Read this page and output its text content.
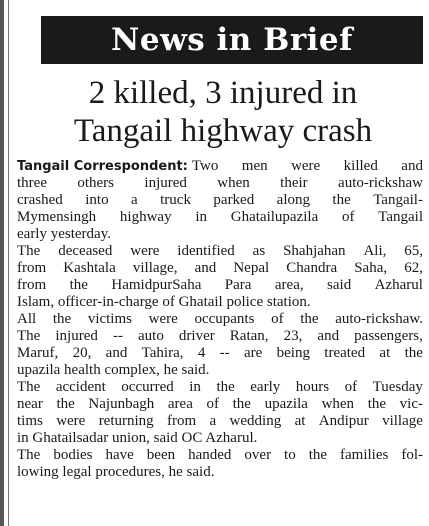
News in Brief
2 killed, 3 injured in
Tangail highway crash
Tangail Correspondent: Two men were killed and
three others injured when their auto-rickshaw
crashed into a truck parked along the Tangail-
Mymensingh highway in Ghatailupazila of Tangail
early yesterday.
The deceased were identified as Shahjahan Ali, 65,
from Kashtala village, and Nepal Chandra Saha, 62,
from the HamidpurSaha Para area, said Azharul
Islam, officer-in-charge of Ghatail police station.
All the victims were occupants of the auto-rickshaw.
The injured -- auto driver Ratan, 23, and passengers,
Maruf, 20, and Tahira, 4 -- are being treated at the
upazila health complex, he said.
The accident occurred in the early hours of Tuesday
near the Najunbagh area of the upazila when the vic-
tims were returning from a wedding at Andipur village
in Ghatailsadar union, said OC Azharul.
The bodies have been handed over to the families fol-
lowing legal procedures, he said.
